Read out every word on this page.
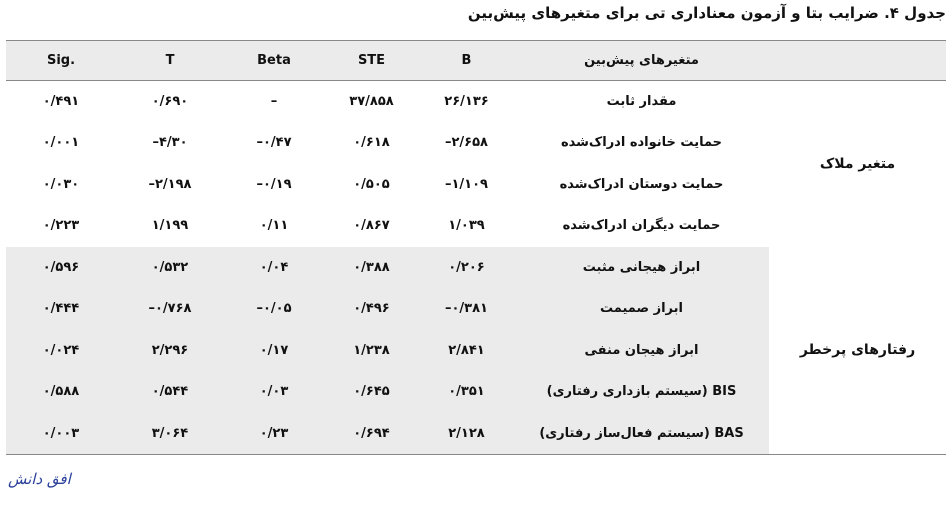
جدول ۴. ضرایب بتا و آزمون معناداری تی برای متغیرهای پیش‌بین
Sig.	T	Beta	STE	B	متغیرهای پیش‌بین	
۰/۴۹۱	۰/۶۹۰	–	۳۷/۸۵۸	۲۶/۱۳۶	مقدار ثابت	متغیر ملاک
۰/۰۰۱	–۴/۳۰	–۰/۴۷	۰/۶۱۸	–۲/۶۵۸	حمایت خانواده ادراک‌شده	
۰/۰۳۰	–۲/۱۹۸	–۰/۱۹	۰/۵۰۵	–۱/۱۰۹	حمایت دوستان ادراک‌شده	
۰/۲۲۳	۱/۱۹۹	۰/۱۱	۰/۸۶۷	۱/۰۳۹	حمایت دیگران ادراک‌شده	
۰/۵۹۶	۰/۵۳۲	۰/۰۴	۰/۳۸۸	۰/۲۰۶	ابراز هیجانی مثبت	رفتارهای پرخطر
۰/۴۴۴	–۰/۷۶۸	–۰/۰۵	۰/۴۹۶	–۰/۳۸۱	ابراز صمیمت	
۰/۰۲۴	۲/۲۹۶	۰/۱۷	۱/۲۳۸	۲/۸۴۱	ابراز هیجان منفی	
۰/۵۸۸	۰/۵۴۴	۰/۰۳	۰/۶۴۵	۰/۳۵۱	BIS (سیستم بازداری رفتاری)	
۰/۰۰۳	۳/۰۶۴	۰/۲۳	۰/۶۹۴	۲/۱۲۸	BAS (سیستم فعال‌ساز رفتاری)	
افق دانش
